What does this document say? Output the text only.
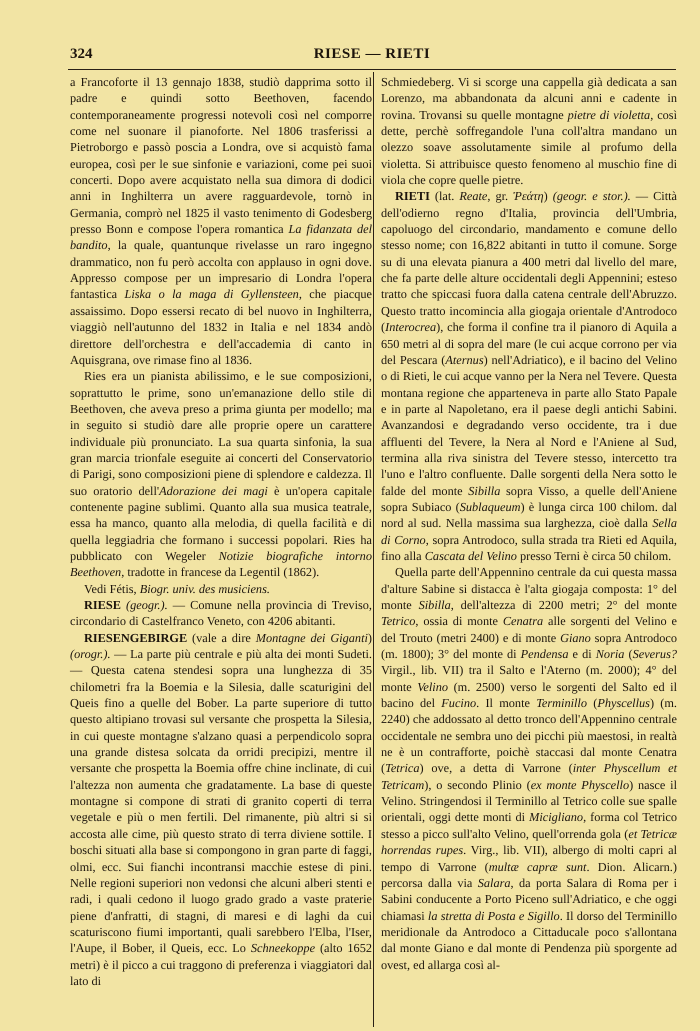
324	RIESE — RIETI

a Francoforte il 13 gennajo 1838, studiò dapprima sotto il padre e quindi sotto Beethoven, facendo contemporaneamente progressi notevoli così nel comporre come nel suonare il pianoforte. Nel 1806 trasferissi a Pietroborgo e passò poscia a Londra, ove si acquistò fama europea, così per le sue sinfonie e variazioni, come pei suoi concerti. Dopo avere acquistato nella sua dimora di dodici anni in Inghilterra un avere ragguardevole, tornò in Germania, comprò nel 1825 il vasto tenimento di Godesberg presso Bonn e compose l'opera romantica La fidanzata del bandito, la quale, quantunque rivelasse un raro ingegno drammatico, non fu però accolta con applauso in ogni dove. Appresso compose per un impresario di Londra l'opera fantastica Liska o la maga di Gyllensteen, che piacque assaissimo. Dopo essersi recato di bel nuovo in Inghilterra, viaggiò nell'autunno del 1832 in Italia e nel 1834 andò direttore dell'orchestra e dell'accademia di canto in Aquisgrana, ove rimase fino al 1836.

Ries era un pianista abilissimo, e le sue composizioni, soprattutto le prime, sono un'emanazione dello stile di Beethoven, che aveva preso a prima giunta per modello; ma in seguito si studiò dare alle proprie opere un carattere individuale più pronunciato. La sua quarta sinfonia, la sua gran marcia trionfale eseguite ai concerti del Conservatorio di Parigi, sono composizioni piene di splendore e caldezza. Il suo oratorio dell'Adorazione dei magi è un'opera capitale contenente pagine sublimi. Quanto alla sua musica teatrale, essa ha manco, quanto alla melodia, di quella facilità e di quella leggiadria che formano i successi popolari. Ries ha pubblicato con Wegeler Notizie biografiche intorno Beethoven, tradotte in francese da Legentil (1862).

Vedi Fétis, Biogr. univ. des musiciens.

RIESE (geogr.). — Comune nella provincia di Treviso, circondario di Castelfranco Veneto, con 4206 abitanti.

RIESENGEBIRGE (vale a dire Montagne dei Giganti) (orogr.). — La parte più centrale e più alta dei monti Sudeti. — Questa catena stendesi sopra una lunghezza di 35 chilometri fra la Boemia e la Silesia, dalle scaturigini del Queis fino a quelle del Bober. La parte superiore di tutto questo altipiano trovasi sul versante che prospetta la Silesia, in cui queste montagne s'alzano quasi a perpendicolo sopra una grande distesa solcata da orridi precipizi, mentre il versante che prospetta la Boemia offre chine inclinate, di cui l'altezza non aumenta che gradatamente. La base di queste montagne si compone di strati di granito coperti di terra vegetale e più o men fertili. Del rimanente, più altri si si accosta alle cime, più questo strato di terra diviene sottile. I boschi situati alla base si compongono in gran parte di faggi, olmi, ecc. Sui fianchi incontransi macchie estese di pini. Nelle regioni superiori non vedonsi che alcuni alberi stenti e radi, i quali cedono il luogo grado grado a vaste praterie piene d'anfratti, di stagni, di maresi e di laghi da cui scaturiscono fiumi importanti, quali sarebbero l'Elba, l'Iser, l'Aupe, il Bober, il Queis, ecc. Lo Schneekoppe (alto 1652 metri) è il picco a cui traggono di preferenza i viaggiatori dal lato di

Schmiedeberg. Vi si scorge una cappella già dedicata a san Lorenzo, ma abbandonata da alcuni anni e cadente in rovina. Trovansi su quelle montagne pietre di violetta, così dette, perchè soffregandole l'una coll'altra mandano un olezzo soave assolutamente simile al profumo della violetta. Si attribuisce questo fenomeno al muschio fine di viola che copre quelle pietre.

RIETI (lat. Reate, gr. Ῥεάτη) (geogr. e stor.). — Città dell'odierno regno d'Italia, provincia dell'Umbria, capoluogo del circondario, mandamento e comune dello stesso nome; con 16,822 abitanti in tutto il comune. Sorge su di una elevata pianura a 400 metri dal livello del mare, che fa parte delle alture occidentali degli Appennini; esteso tratto che spiccasi fuora dalla catena centrale dell'Abruzzo. Questo tratto incomincia alla giogaja orientale d'Antrodoco (Interocrea), che forma il confine tra il pianoro di Aquila a 650 metri al di sopra del mare (le cui acque corrono per via del Pescara (Aternus) nell'Adriatico), e il bacino del Velino o di Rieti, le cui acque vanno per la Nera nel Tevere. Questa montana regione che apparteneva in parte allo Stato Papale e in parte al Napoletano, era il paese degli antichi Sabini. Avanzandosi e degradando verso occidente, tra i due affluenti del Tevere, la Nera al Nord e l'Aniene al Sud, termina alla riva sinistra del Tevere stesso, intercetto tra l'uno e l'altro confluente. Dalle sorgenti della Nera sotto le falde del monte Sibilla sopra Visso, a quelle dell'Aniene sopra Subiaco (Sublaqueum) è lunga circa 100 chilom. dal nord al sud. Nella massima sua larghezza, cioè dalla Sella di Corno, sopra Antrodoco, sulla strada tra Rieti ed Aquila, fino alla Cascata del Velino presso Terni è circa 50 chilom.

Quella parte dell'Appennino centrale da cui questa massa d'alture Sabine si distacca è l'alta giogaja composta: 1° del monte Sibilla, dell'altezza di 2200 metri; 2° del monte Tetrico, ossia di monte Cenatra alle sorgenti del Velino e del Trouto (metri 2400) e di monte Giano sopra Antrodoco (m. 1800); 3° del monte di Pendensa e di Noria (Severus? Virgil., lib. VII) tra il Salto e l'Aterno (m. 2000); 4° del monte Velino (m. 2500) verso le sorgenti del Salto ed il bacino del Fucino. Il monte Terminillo (Physcellus) (m. 2240) che addossato al detto tronco dell'Appennino centrale occidentale ne sembra uno dei picchi più maestosi, in realtà ne è un contrafforte, poichè staccasi dal monte Cenatra (Tetrica) ove, a detta di Varrone (inter Physcellum et Tetricam), o secondo Plinio (ex monte Physcello) nasce il Velino. Stringendosi il Terminillo al Tetrico colle sue spalle orientali, oggi dette monti di Micigliano, forma col Tetrico stesso a picco sull'alto Velino, quell'orrenda gola (et Tetricæ horrendas rupes. Virg., lib. VII), albergo di molti capri al tempo di Varrone (multæ capræ sunt. Dion. Alicarn.) percorsa dalla via Salara, da porta Salara di Roma per i Sabini conducente a Porto Piceno sull'Adriatico, e che oggi chiamasi la stretta di Posta e Sigillo. Il dorso del Terminillo meridionale da Antrodoco a Cittaducale poco s'allontana dal monte Giano e dal monte di Pendenza più sporgente ad ovest, ed allarga così al-
